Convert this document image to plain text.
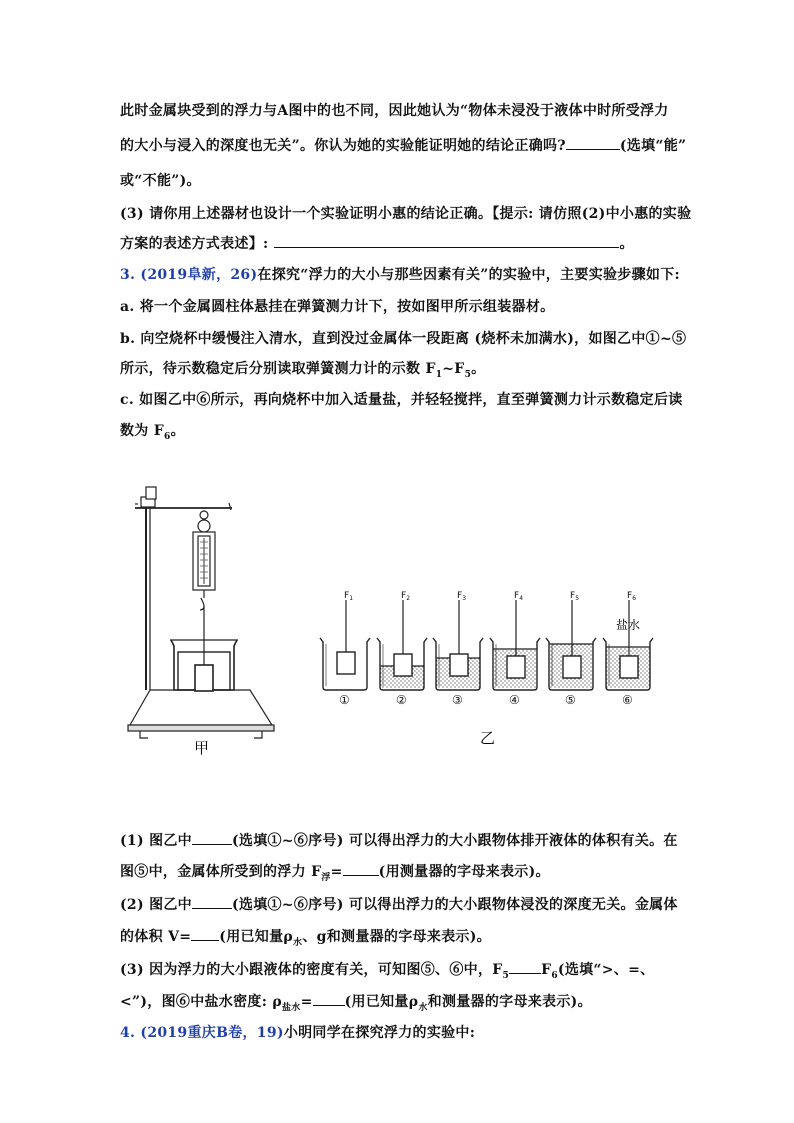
此时金属块受到的浮力与A图中的也不同，因此她认为“物体未浸没于液体中时所受浮力
的大小与浸入的深度也无关”。你认为她的实验能证明她的结论正确吗?	(选填“能”
或“不能”)。
(3) 请你用上述器材也设计一个实验证明小惠的结论正确。【提示: 请仿照(2)中小惠的实验
方案的表述方式表述】:	。
3. (2019阜新，26)在探究“浮力的大小与那些因素有关”的实验中，主要实验步骤如下:
a. 将一个金属圆柱体悬挂在弹簧测力计下，按如图甲所示组装器材。
b. 向空烧杯中缓慢注入清水，直到没过金属体一段距离 (烧杯未加满水)，如图乙中①~⑤
所示，待示数稳定后分别读取弹簧测力计的示数 $F_1\sim F_5$。
c. 如图乙中⑥所示，再向烧杯中加入适量盐，并轻轻搅拌，直至弹簧测力计示数稳定后读
数为 $F_6$。
甲
$F_1$
①
$F_2$
②
$F_3$
③
$F_4$
④
$F_5$
⑤
$F_6$
⑥
乙
盐水
(1) 图乙中	(选填①~⑥序号) 可以得出浮力的大小跟物体排开液体的体积有关。在
图⑤中，金属体所受到的浮力 $F_浮=$	(用测量器的字母来表示)。
(2) 图乙中	(选填①~⑥序号) 可以得出浮力的大小跟物体浸没的深度无关。金属体
的体积 V= (用已知量$\rho_水$、g和测量器的字母来表示)。
(3) 因为浮力的大小跟液体的密度有关，可知图⑤、⑥中，$F_5$ $F_6$(选填“>、=、
<”)，图⑥中盐水密度: $\rho_{盐水}=$ (用已知量$\rho_水$和测量器的字母来表示)。
4. (2019重庆B卷，19)小明同学在探究浮力的实验中:
